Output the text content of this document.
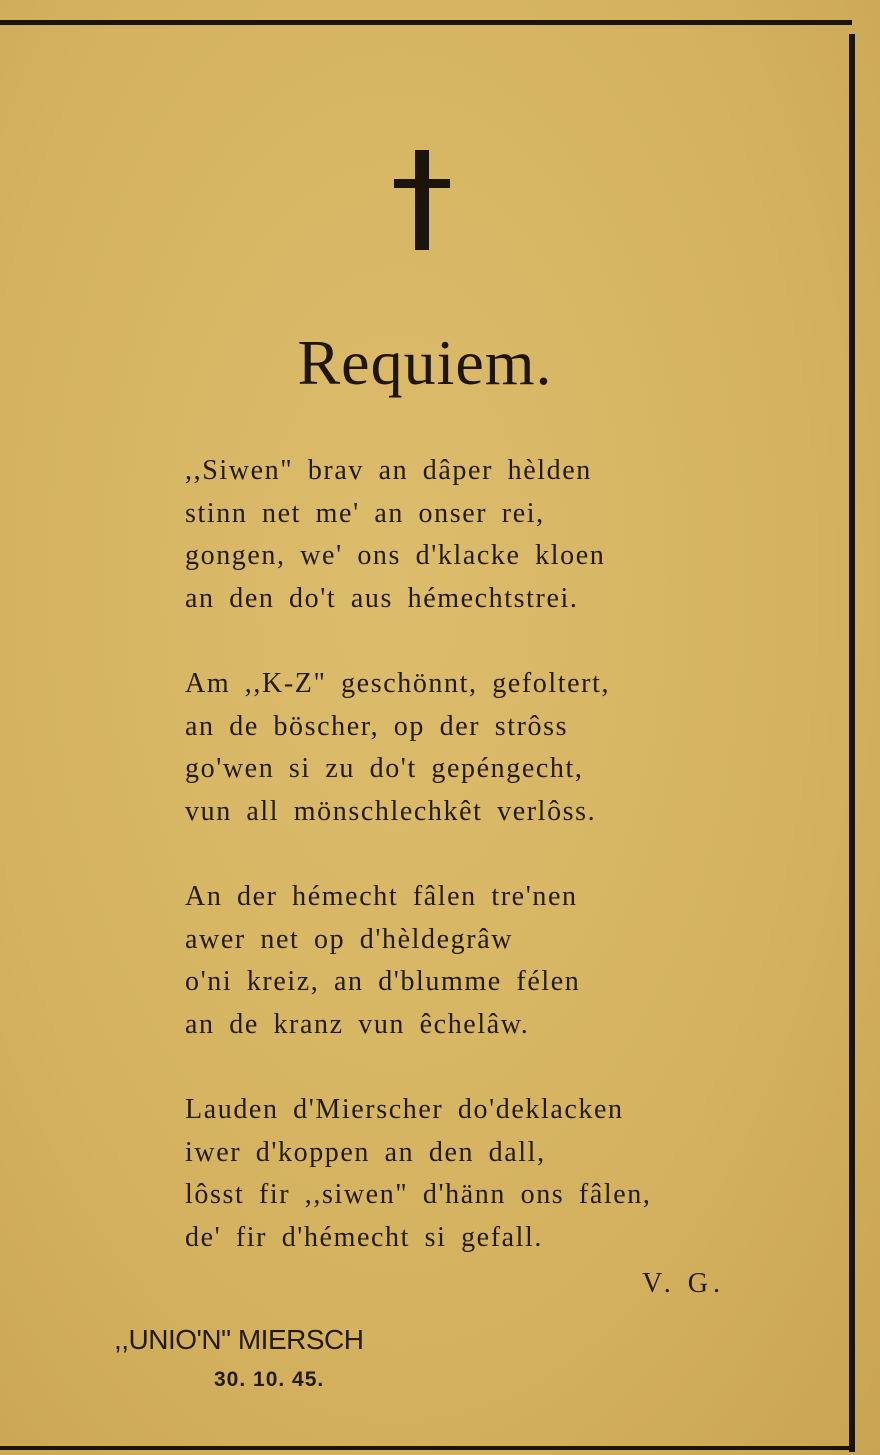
Requiem.
,,Siwen" brav an dâper hèlden
stinn net me' an onser rei,
gongen, we' ons d'klacke kloen
an den do't aus hémechtstrei.
Am ,,K-Z" geschönnt, gefoltert,
an de böscher, op der strôss
go'wen si zu do't gepéngecht,
vun all mönschlechkêt verlôss.
An der hémecht fâlen tre'nen
awer net op d'hèldegrâw
o'ni kreiz, an d'blumme félen
an de kranz vun êchelâw.
Lauden d'Mierscher do'deklacken
iwer d'koppen an den dall,
lôsst fir ,,siwen" d'hänn ons fâlen,
de' fir d'hémecht si gefall.
V. G.
,,UNIO'N" MIERSCH
30. 10. 45.
